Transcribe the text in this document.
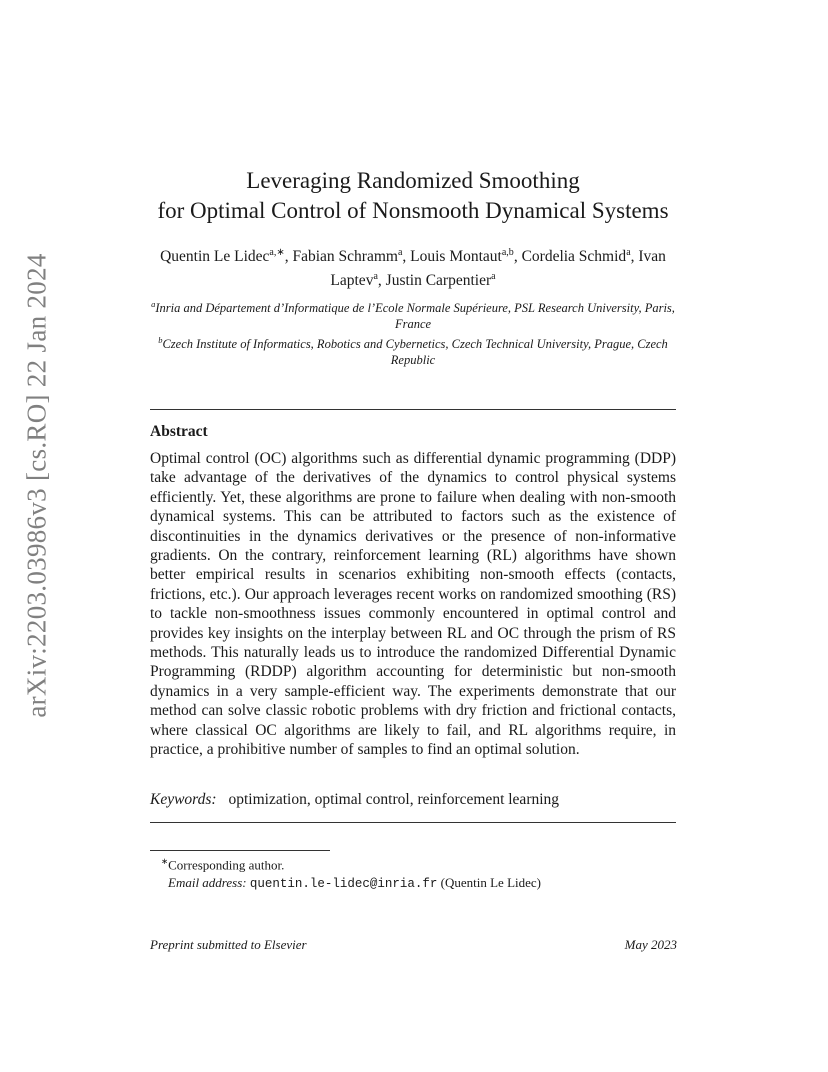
arXiv:2203.03986v3 [cs.RO] 22 Jan 2024
Leveraging Randomized Smoothing
for Optimal Control of Nonsmooth Dynamical Systems
Quentin Le Lidec$^{a,∗}$, Fabian Schramm$^a$, Louis Montaut$^{a,b}$, Cordelia Schmid$^a$, Ivan Laptev$^a$, Justin Carpentier$^a$
$^a$Inria and Département d’Informatique de l’Ecole Normale Supérieure, PSL Research University, Paris, France
$^b$Czech Institute of Informatics, Robotics and Cybernetics, Czech Technical University, Prague, Czech Republic
Abstract
Optimal control (OC) algorithms such as differential dynamic programming (DDP) take advantage of the derivatives of the dynamics to control physical systems efficiently. Yet, these algorithms are prone to failure when dealing with non-smooth dynamical systems. This can be attributed to factors such as the existence of discontinuities in the dynamics derivatives or the presence of non-informative gradients. On the contrary, reinforcement learning (RL) algorithms have shown better empirical results in scenarios exhibiting non-smooth effects (contacts, frictions, etc.). Our approach leverages recent works on randomized smoothing (RS) to tackle non-smoothness issues commonly encountered in optimal control and provides key insights on the interplay between RL and OC through the prism of RS methods. This naturally leads us to introduce the randomized Differential Dynamic Programming (RDDP) algorithm accounting for deterministic but non-smooth dynamics in a very sample-efficient way. The experiments demonstrate that our method can solve classic robotic problems with dry friction and frictional contacts, where classical OC algorithms are likely to fail, and RL algorithms require, in practice, a prohibitive number of samples to find an optimal solution.
Keywords: optimization, optimal control, reinforcement learning
∗Corresponding author.
Email address: quentin.le-lidec@inria.fr (Quentin Le Lidec)
Preprint submitted to Elsevier	May 2023
